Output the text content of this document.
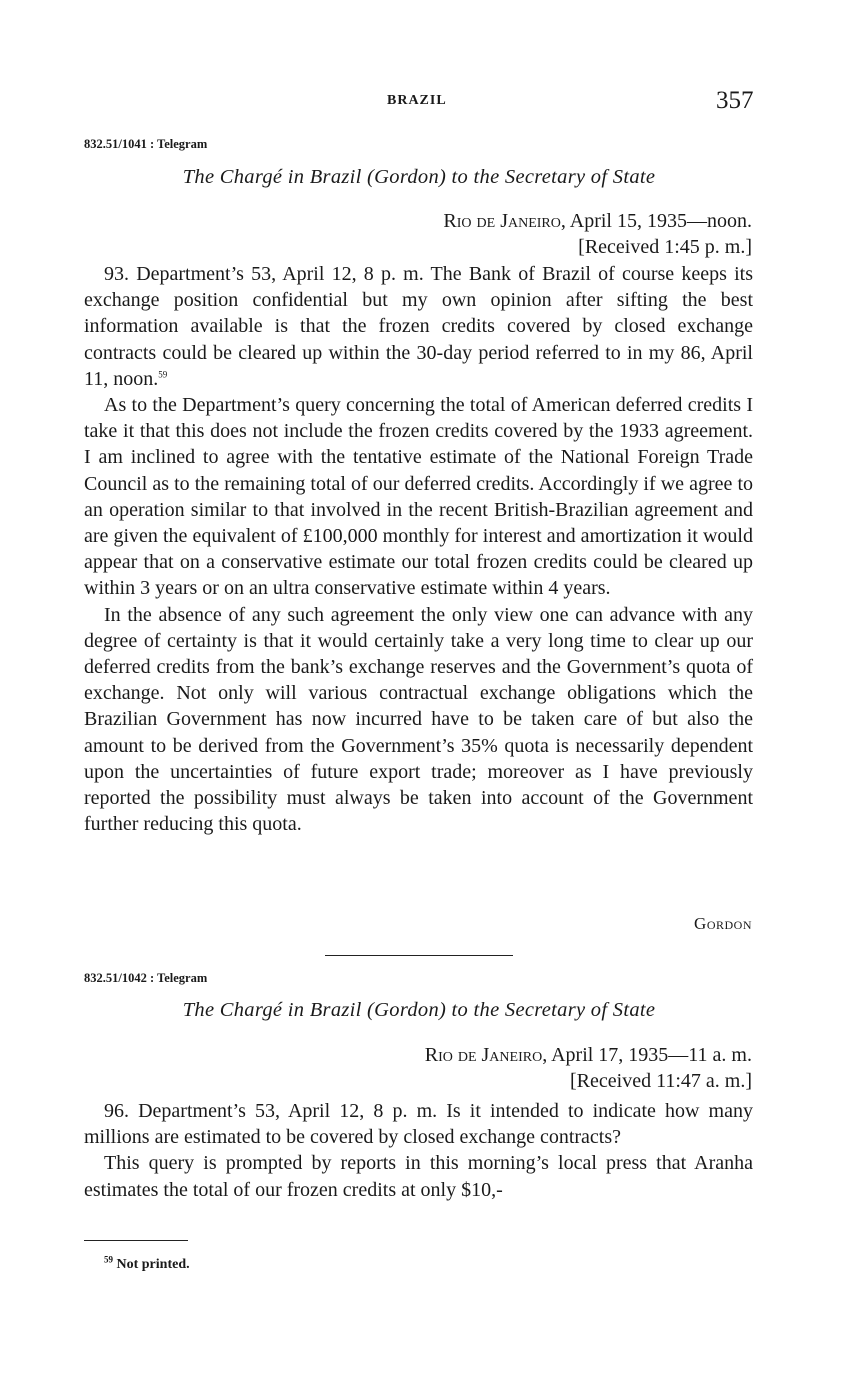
BRAZIL	357
832.51/1041 : Telegram
The Chargé in Brazil (Gordon) to the Secretary of State
Rio de Janeiro, April 15, 1935—noon.
[Received 1:45 p. m.]

93. Department’s 53, April 12, 8 p. m. The Bank of Brazil of course keeps its exchange position confidential but my own opinion after sifting the best information available is that the frozen credits covered by closed exchange contracts could be cleared up within the 30-day period referred to in my 86, April 11, noon.$^{59}$

As to the Department’s query concerning the total of American deferred credits I take it that this does not include the frozen credits covered by the 1933 agreement. I am inclined to agree with the tentative estimate of the National Foreign Trade Council as to the remaining total of our deferred credits. Accordingly if we agree to an operation similar to that involved in the recent British-Brazilian agreement and are given the equivalent of £100,000 monthly for interest and amortization it would appear that on a conservative estimate our total frozen credits could be cleared up within 3 years or on an ultra conservative estimate within 4 years.

In the absence of any such agreement the only view one can advance with any degree of certainty is that it would certainly take a very long time to clear up our deferred credits from the bank’s exchange reserves and the Government’s quota of exchange. Not only will various contractual exchange obligations which the Brazilian Government has now incurred have to be taken care of but also the amount to be derived from the Government’s 35% quota is necessarily dependent upon the uncertainties of future export trade; moreover as I have previously reported the possibility must always be taken into account of the Government further reducing this quota.

Gordon
832.51/1042 : Telegram
The Chargé in Brazil (Gordon) to the Secretary of State
Rio de Janeiro, April 17, 1935—11 a. m.
[Received 11:47 a. m.]

96. Department’s 53, April 12, 8 p. m. Is it intended to indicate how many millions are estimated to be covered by closed exchange contracts?

This query is prompted by reports in this morning’s local press that Aranha estimates the total of our frozen credits at only $10,-

$^{59}$ Not printed.
